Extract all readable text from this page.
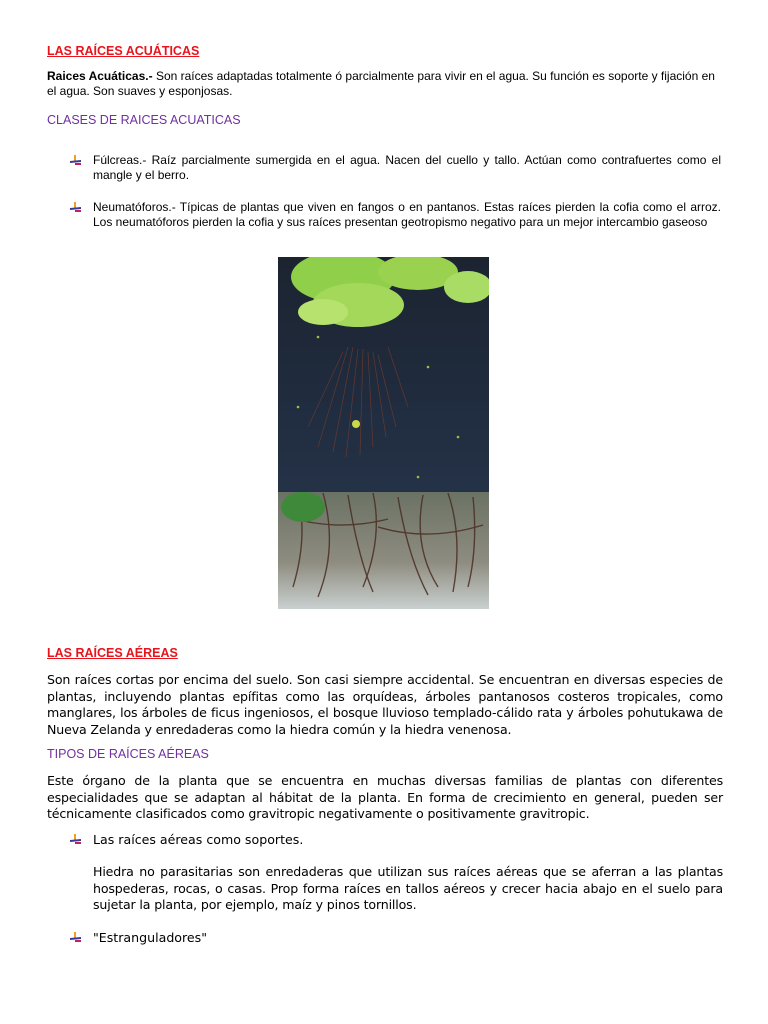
LAS RAÍCES ACUÁTICAS

Raices Acuáticas.- Son raíces adaptadas totalmente ó parcialmente para vivir en el agua. Su función es soporte y fijación en el agua. Son suaves y esponjosas.

CLASES DE RAICES ACUATICAS
Fúlcreas.- Raíz parcialmente sumergida en el agua. Nacen del cuello y tallo. Actúan como contrafuertes como el mangle y el berro.
Neumatóforos.- Típicas de plantas que viven en fangos o en pantanos. Estas raíces pierden la cofia como el arroz. Los neumatóforos pierden la cofia y sus raíces presentan geotropismo negativo para un mejor intercambio gaseoso
LAS RAÍCES AÉREAS

Son raíces cortas por encima del suelo. Son casi siempre accidental. Se encuentran en diversas especies de plantas, incluyendo plantas epífitas como las orquídeas, árboles pantanosos costeros tropicales, como manglares, los árboles de ficus ingeniosos, el bosque lluvioso templado-cálido rata y árboles pohutukawa de Nueva Zelanda y enredaderas como la hiedra común y la hiedra venenosa.

TIPOS DE RAÍCES AÉREAS

Este órgano de la planta que se encuentra en muchas diversas familias de plantas con diferentes especialidades que se adaptan al hábitat de la planta. En forma de crecimiento en general, pueden ser técnicamente clasificados como gravitropic negativamente o positivamente gravitropic.

Las raíces aéreas como soportes.

Hiedra no parasitarias son enredaderas que utilizan sus raíces aéreas que se aferran a las plantas hospederas, rocas, o casas. Prop forma raíces en tallos aéreos y crecer hacia abajo en el suelo para sujetar la planta, por ejemplo, maíz y pinos tornillos.

"Estranguladores"
